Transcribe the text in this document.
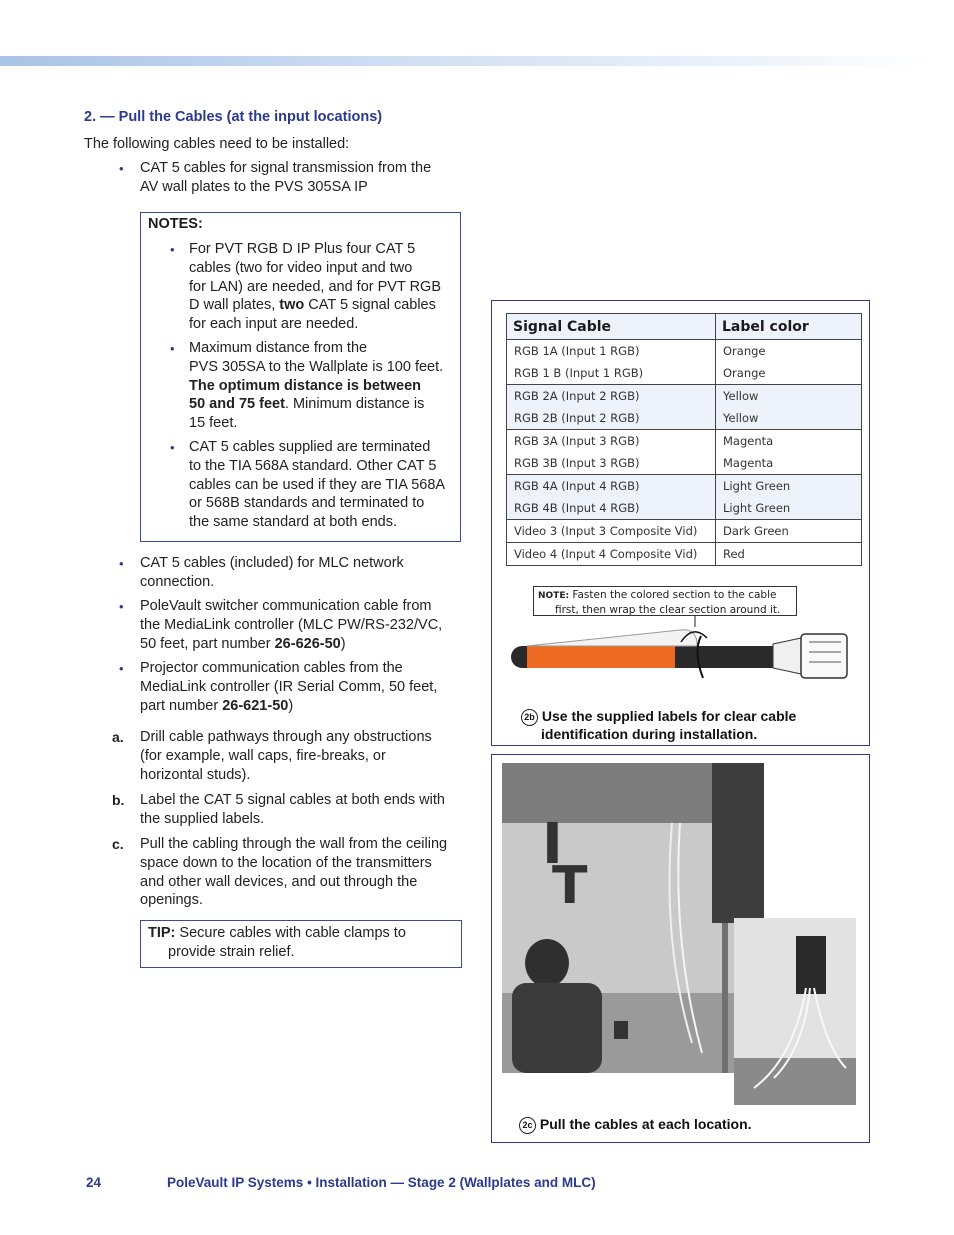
2. — Pull the Cables (at the input locations)
The following cables need to be installed:
• CAT 5 cables for signal transmission from the
AV wall plates to the PVS 305SA IP
NOTES:
• For PVT RGB D IP Plus four CAT 5
cables (two for video input and two
for LAN) are needed, and for PVT RGB
D wall plates, two CAT 5 signal cables
for each input are needed.
• Maximum distance from the
PVS 305SA to the Wallplate is 100 feet.
The optimum distance is between
50 and 75 feet. Minimum distance is
15 feet.
• CAT 5 cables supplied are terminated
to the TIA 568A standard. Other CAT 5
cables can be used if they are TIA 568A
or 568B standards and terminated to
the same standard at both ends.
• CAT 5 cables (included) for MLC network
connection.
• PoleVault switcher communication cable from
the MediaLink controller (MLC PW/RS-232/VC,
50 feet, part number 26-626-50)
• Projector communication cables from the
MediaLink controller (IR Serial Comm, 50 feet,
part number 26-621-50)
a. Drill cable pathways through any obstructions
(for example, wall caps, fire-breaks, or
horizontal studs).
b. Label the CAT 5 signal cables at both ends with
the supplied labels.
c. Pull the cabling through the wall from the ceiling
space down to the location of the transmitters
and other wall devices, and out through the
openings.
TIP: Secure cables with cable clamps to
provide strain relief.
Signal Cable	Label color
RGB 1A (Input 1 RGB)	Orange
RGB 1 B (Input 1 RGB)	Orange
RGB 2A (Input 2 RGB)	Yellow
RGB 2B (Input 2 RGB)	Yellow
RGB 3A (Input 3 RGB)	Magenta
RGB 3B (Input 3 RGB)	Magenta
RGB 4A (Input 4 RGB)	Light Green
RGB 4B (Input 4 RGB)	Light Green
Video 3 (Input 3 Composite Vid)	Dark Green
Video 4 (Input 4 Composite Vid)	Red
NOTE: Fasten the colored section to the cable
first, then wrap the clear section around it.
2b Use the supplied labels for clear cable
identification during installation.
I
T
2c Pull the cables at each location.
24	PoleVault IP Systems • Installation — Stage 2 (Wallplates and MLC)
